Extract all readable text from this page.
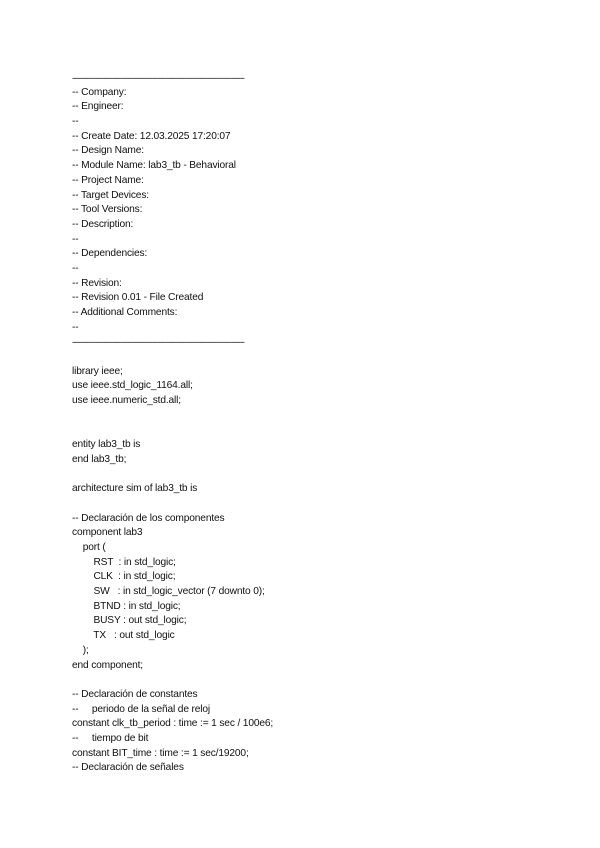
----------------------------------------------------------------------------------
-- Company:
-- Engineer:
--
-- Create Date: 12.03.2025 17:20:07
-- Design Name:
-- Module Name: lab3_tb - Behavioral
-- Project Name:
-- Target Devices:
-- Tool Versions:
-- Description:
--
-- Dependencies:
--
-- Revision:
-- Revision 0.01 - File Created
-- Additional Comments:
--
----------------------------------------------------------------------------------
library ieee;
use ieee.std_logic_1164.all;
use ieee.numeric_std.all;
entity lab3_tb is
end lab3_tb;
architecture sim of lab3_tb is
-- Declaración de los componentes
component lab3
port (
RST  : in std_logic;
CLK  : in std_logic;
SW   : in std_logic_vector (7 downto 0);
BTND : in std_logic;
BUSY : out std_logic;
TX   : out std_logic
);
end component;
-- Declaración de constantes
--     periodo de la señal de reloj
constant clk_tb_period : time := 1 sec / 100e6;
--     tiempo de bit
constant BIT_time : time := 1 sec/19200;
-- Declaración de señales
